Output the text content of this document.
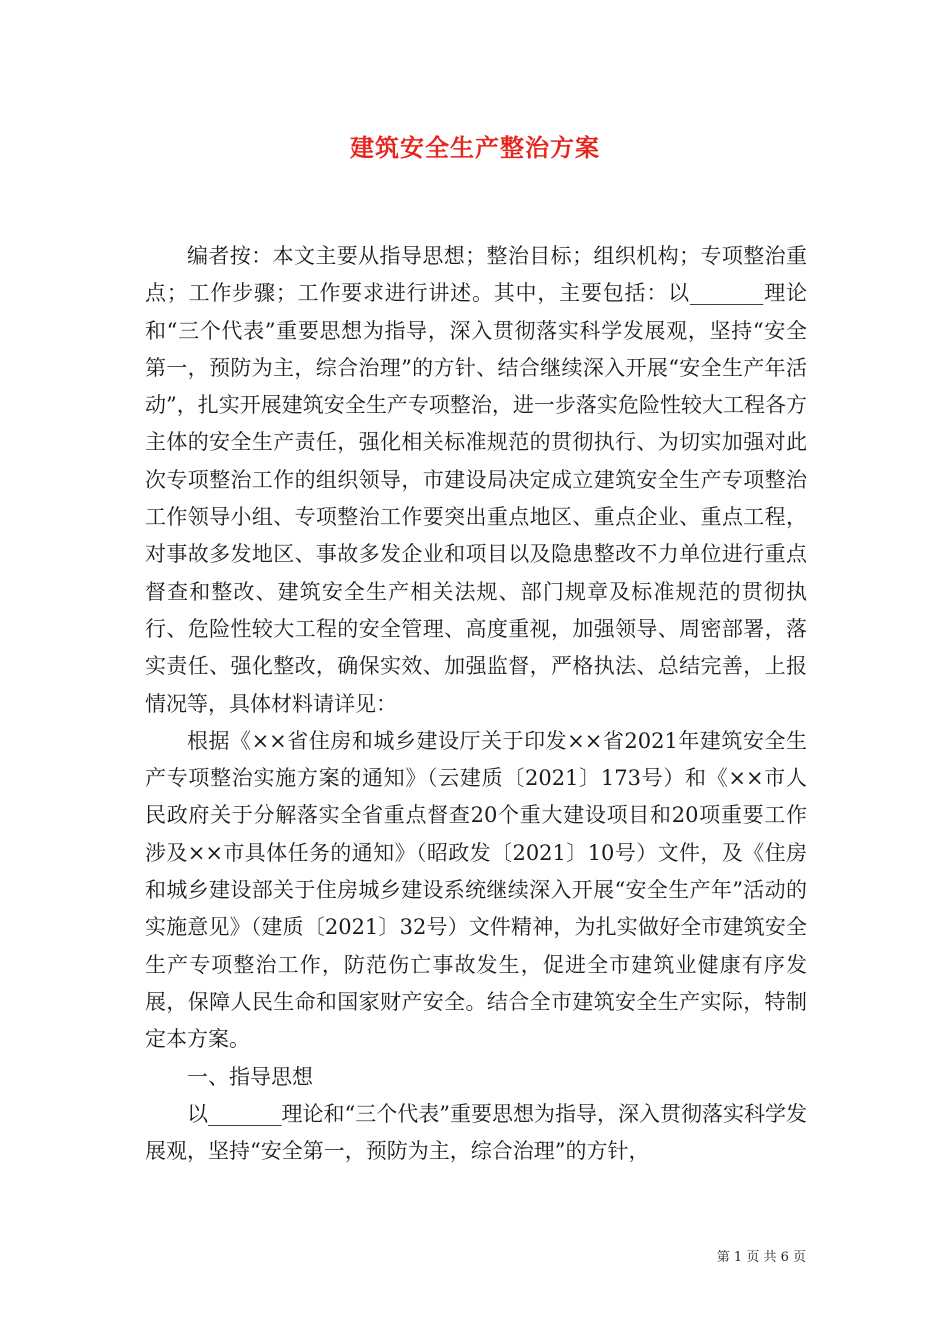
建筑安全生产整治方案

编者按：本文主要从指导思想；整治目标；组织机构；专项整治重点；工作步骤；工作要求进行讲述。其中，主要包括：以_______理论和“三个代表”重要思想为指导，深入贯彻落实科学发展观，坚持“安全第一，预防为主，综合治理”的方针、结合继续深入开展“安全生产年活动”，扎实开展建筑安全生产专项整治，进一步落实危险性较大工程各方主体的安全生产责任，强化相关标准规范的贯彻执行、为切实加强对此次专项整治工作的组织领导，市建设局决定成立建筑安全生产专项整治工作领导小组、专项整治工作要突出重点地区、重点企业、重点工程，对事故多发地区、事故多发企业和项目以及隐患整改不力单位进行重点督查和整改、建筑安全生产相关法规、部门规章及标准规范的贯彻执行、危险性较大工程的安全管理、高度重视，加强领导、周密部署，落实责任、强化整改，确保实效、加强监督，严格执法、总结完善，上报情况等，具体材料请详见：

根据《××省住房和城乡建设厅关于印发××省2021年建筑安全生产专项整治实施方案的通知》（云建质〔2021〕173号）和《××市人民政府关于分解落实全省重点督查20个重大建设项目和20项重要工作涉及××市具体任务的通知》（昭政发〔2021〕10号）文件，及《住房和城乡建设部关于住房城乡建设系统继续深入开展“安全生产年”活动的实施意见》（建质〔2021〕32号）文件精神，为扎实做好全市建筑安全生产专项整治工作，防范伤亡事故发生，促进全市建筑业健康有序发展，保障人民生命和国家财产安全。结合全市建筑安全生产实际，特制定本方案。

一、指导思想

以_______理论和“三个代表”重要思想为指导，深入贯彻落实科学发展观，坚持“安全第一，预防为主，综合治理”的方针，

第 1 页 共 6 页
